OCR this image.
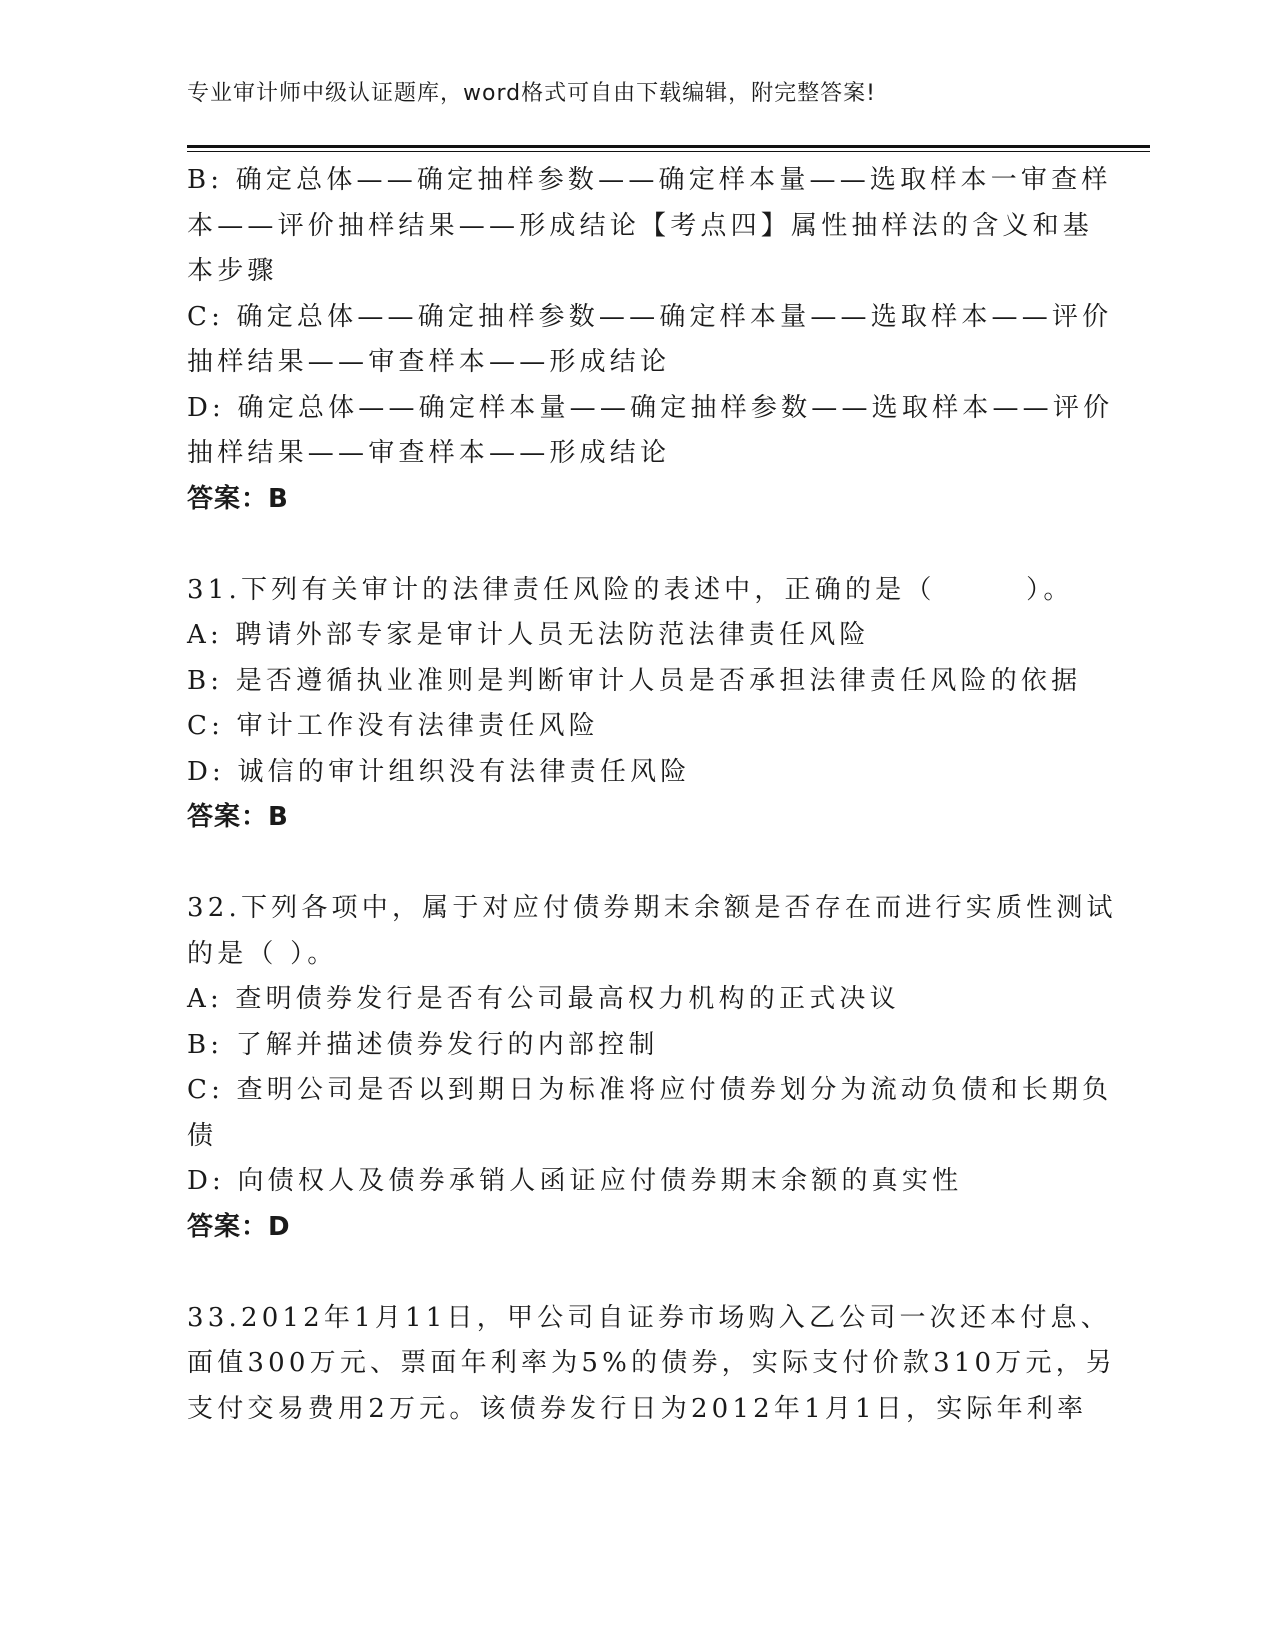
专业审计师中级认证题库，word格式可自由下载编辑，附完整答案!
B: 确定总体——确定抽样参数——确定样本量——选取样本一审查样
本——评价抽样结果——形成结论【考点四】属性抽样法的含义和基
本步骤
C: 确定总体——确定抽样参数——确定样本量——选取样本——评价
抽样结果——审查样本——形成结论
D: 确定总体——确定样本量——确定抽样参数——选取样本——评价
抽样结果——审查样本——形成结论
答案：B
31.下列有关审计的法律责任风险的表述中，正确的是（　　　）。
A: 聘请外部专家是审计人员无法防范法律责任风险
B: 是否遵循执业准则是判断审计人员是否承担法律责任风险的依据
C: 审计工作没有法律责任风险
D: 诚信的审计组织没有法律责任风险
答案：B
32.下列各项中，属于对应付债券期末余额是否存在而进行实质性测试
的是（ ）。
A: 查明债券发行是否有公司最高权力机构的正式决议
B: 了解并描述债券发行的内部控制
C: 查明公司是否以到期日为标准将应付债券划分为流动负债和长期负
债
D: 向债权人及债券承销人函证应付债券期末余额的真实性
答案：D
33.2012年1月11日，甲公司自证券市场购入乙公司一次还本付息、
面值300万元、票面年利率为5%的债券，实际支付价款310万元，另
支付交易费用2万元。该债券发行日为2012年1月1日，实际年利率
